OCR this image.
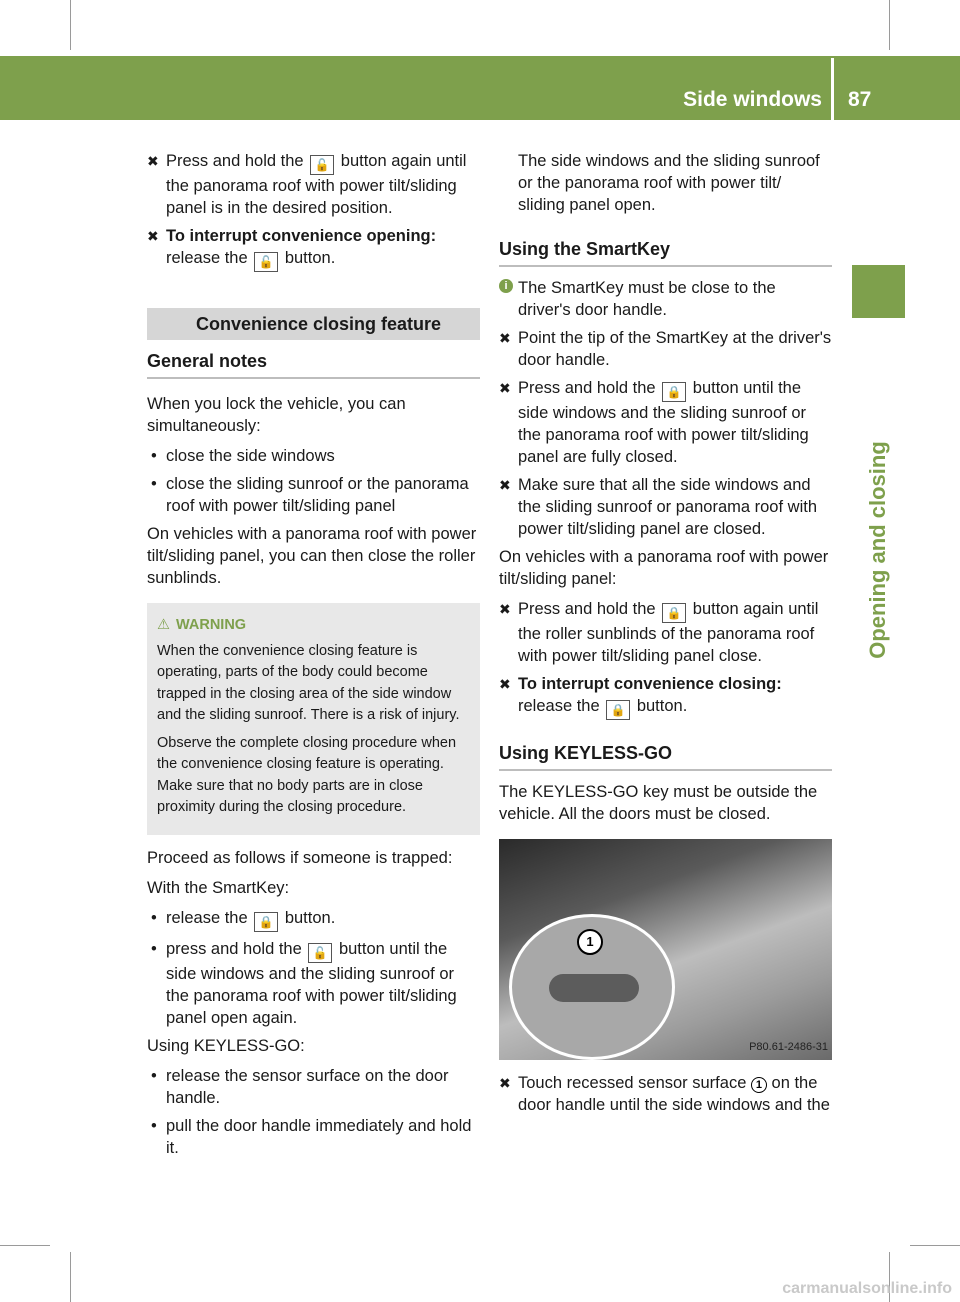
Side windows 87
Opening and closing
✖ Press and hold the 🔓 button again until the panorama roof with power tilt/sliding panel is in the desired position.
✖ To interrupt convenience opening:
release the 🔓 button.
Convenience closing feature
General notes

When you lock the vehicle, you can simultaneously:

• close the side windows
• close the sliding sunroof or the panorama roof with power tilt/sliding panel

On vehicles with a panorama roof with power tilt/sliding panel, you can then close the roller sunblinds.

⚠ WARNING

When the convenience closing feature is operating, parts of the body could become trapped in the closing area of the side window and the sliding sunroof. There is a risk of injury.

Observe the complete closing procedure when the convenience closing feature is operating. Make sure that no body parts are in close proximity during the closing procedure.

Proceed as follows if someone is trapped:

With the SmartKey:

• release the 🔒 button.
• press and hold the 🔓 button until the side windows and the sliding sunroof or the panorama roof with power tilt/sliding panel open again.

Using KEYLESS-GO:

• release the sensor surface on the door handle.
• pull the door handle immediately and hold it.

The side windows and the sliding sunroof or the panorama roof with power tilt/ sliding panel open.

Using the SmartKey
i The SmartKey must be close to the driver's door handle.
✖ Point the tip of the SmartKey at the driver's door handle.
✖ Press and hold the 🔒 button until the side windows and the sliding sunroof or the panorama roof with power tilt/sliding panel are fully closed.
✖ Make sure that all the side windows and the sliding sunroof or panorama roof with power tilt/sliding panel are closed.

On vehicles with a panorama roof with power tilt/sliding panel:

✖ Press and hold the 🔒 button again until the roller sunblinds of the panorama roof with power tilt/sliding panel close.
✖ To interrupt convenience closing:
release the 🔒 button.
Using KEYLESS-GO

The KEYLESS-GO key must be outside the vehicle. All the doors must be closed.

1
P80.61-2486-31
✖ Touch recessed sensor surface 1 on the door handle until the side windows and the
carmanualsonline.info
